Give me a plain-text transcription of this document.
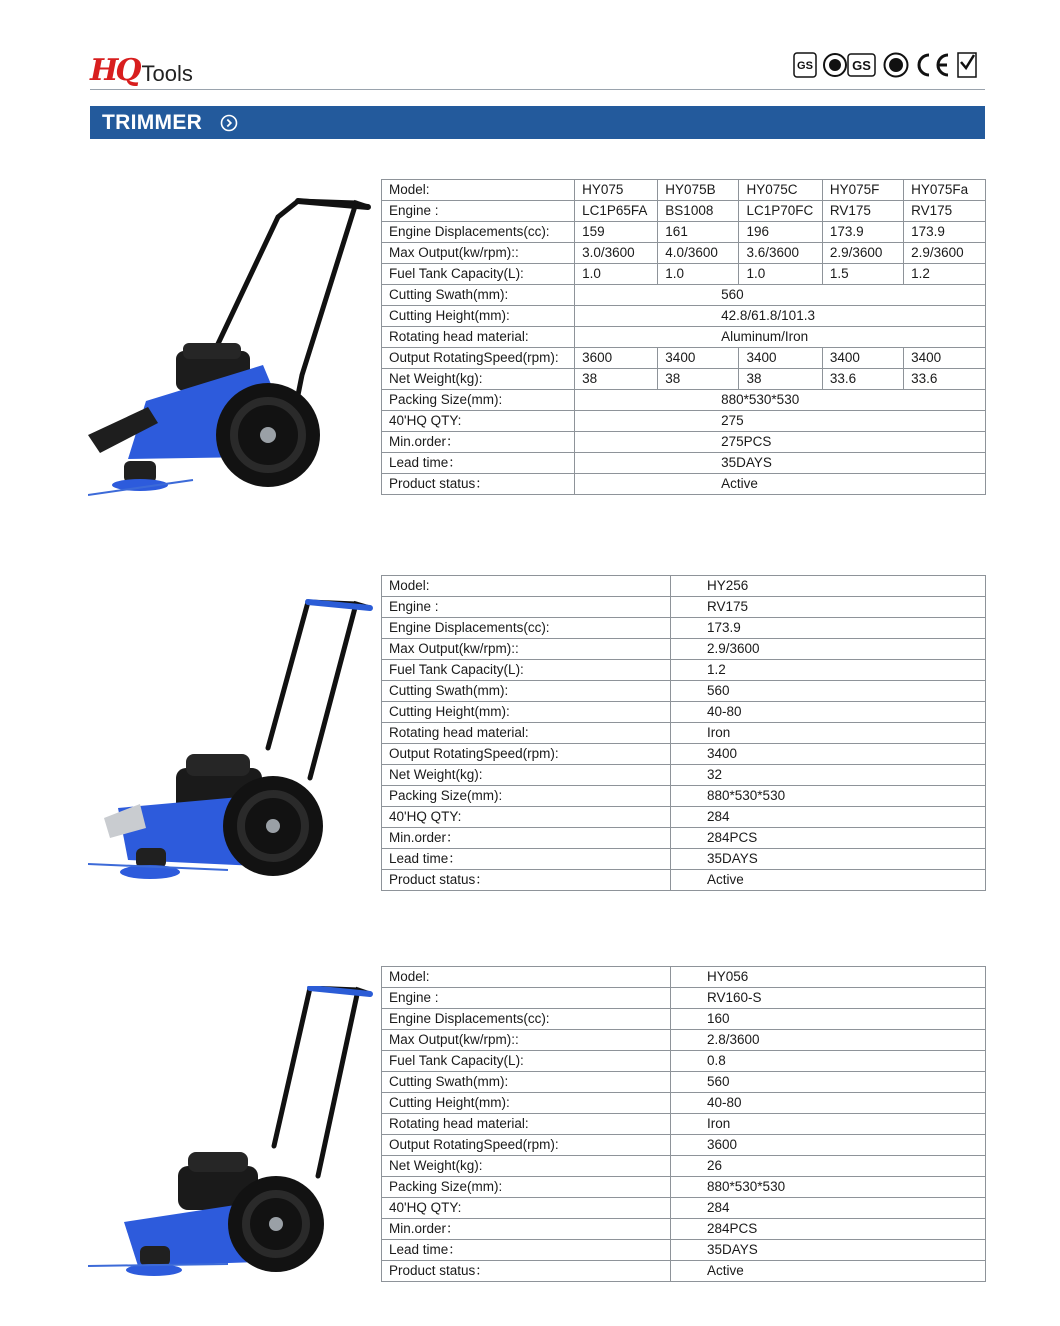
HQ Tools	GS	GS
TRIMMER
Model:	HY075	HY075B	HY075C	HY075F	HY075Fa
Engine :	LC1P65FA	BS1008	LC1P70FC	RV175	RV175
Engine Displacements(cc):	159	161	196	173.9	173.9
Max Output(kw/rpm)::	3.0/3600	4.0/3600	3.6/3600	2.9/3600	2.9/3600
Fuel Tank Capacity(L):	1.0	1.0	1.0	1.5	1.2
Cutting Swath(mm):	560				
Cutting Height(mm):	42.8/61.8/101.3				
Rotating head material:	Aluminum/Iron				
Output RotatingSpeed(rpm):	3600	3400	3400	3400	3400
Net Weight(kg):	38	38	38	33.6	33.6
Packing Size(mm):	880*530*530				
40'HQ QTY:	275				
Min.order：	275PCS				
Lead time：	35DAYS				
Product status：	Active				
Model:	HY256
Engine :	RV175
Engine Displacements(cc):	173.9
Max Output(kw/rpm)::	2.9/3600
Fuel Tank Capacity(L):	1.2
Cutting Swath(mm):	560
Cutting Height(mm):	40-80
Rotating head material:	Iron
Output RotatingSpeed(rpm):	3400
Net Weight(kg):	32
Packing Size(mm):	880*530*530
40'HQ QTY:	284
Min.order：	284PCS
Lead time：	35DAYS
Product status：	Active
Model:	HY056
Engine :	RV160-S
Engine Displacements(cc):	160
Max Output(kw/rpm)::	2.8/3600
Fuel Tank Capacity(L):	0.8
Cutting Swath(mm):	560
Cutting Height(mm):	40-80
Rotating head material:	Iron
Output RotatingSpeed(rpm):	3600
Net Weight(kg):	26
Packing Size(mm):	880*530*530
40'HQ QTY:	284
Min.order：	284PCS
Lead time：	35DAYS
Product status：	Active
